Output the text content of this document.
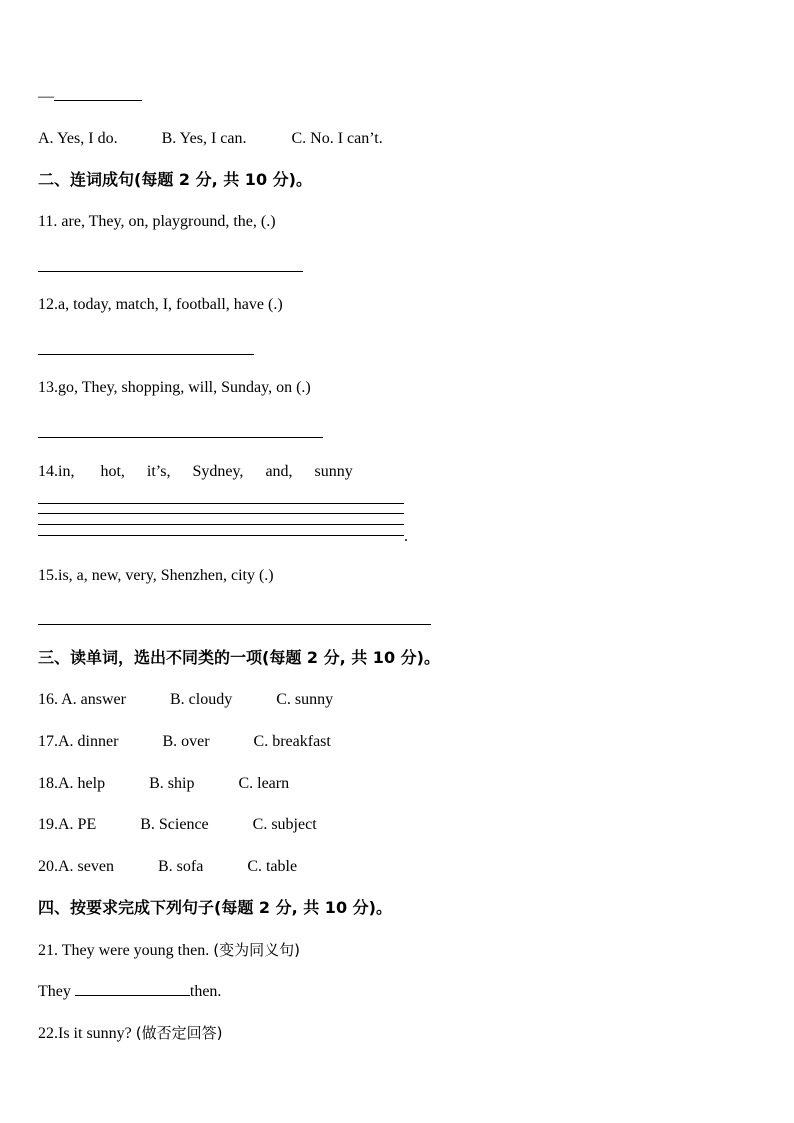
—
A. Yes, I do.	B. Yes, I can.	C. No. I can’t.
二、连词成句(每题 2 分, 共 10 分)。
11. are, They, on, playground, the, (.)
12.a, today, match, I, football, have (.)
13.go, They, shopping, will, Sunday, on (.)
14.in, hot, it’s, Sydney, and, sunny
.
15.is, a, new, very, Shenzhen, city (.)
三、读单词，选出不同类的一项(每题 2 分, 共 10 分)。
16. A. answer	B. cloudy	C. sunny
17.A. dinner	B. over	C. breakfast
18.A. help	B. ship	C. learn
19.A. PE	B. Science	C. subject
20.A. seven	B. sofa	C. table
四、按要求完成下列句子(每题 2 分, 共 10 分)。
21. They were young then. (变为同义句)
They	then.
22.Is it sunny? (做否定回答)
